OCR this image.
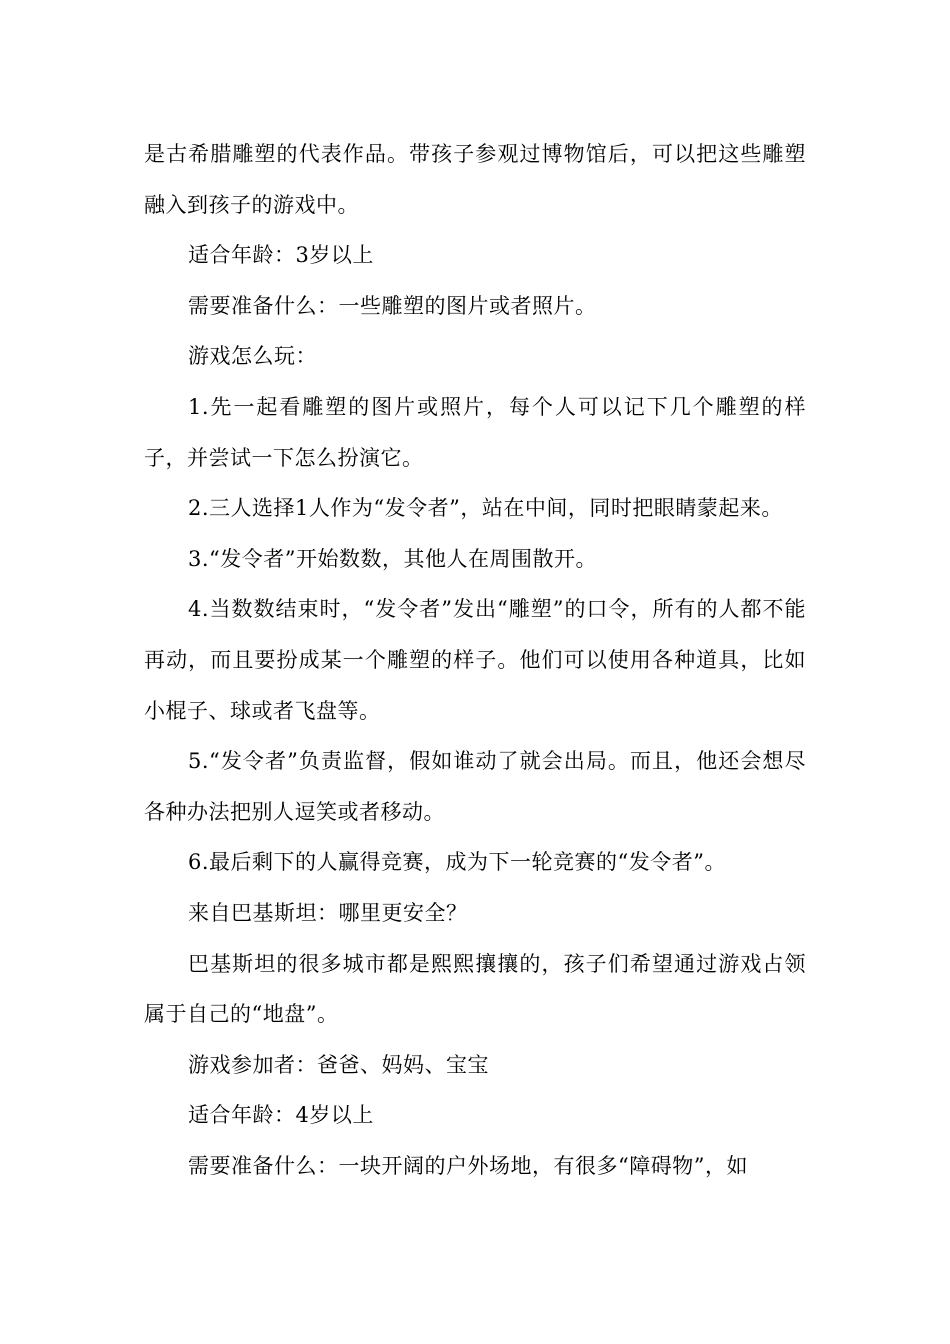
是古希腊雕塑的代表作品。带孩子参观过博物馆后，可以把这些雕塑融入到孩子的游戏中。

适合年龄：3岁以上

需要准备什么：一些雕塑的图片或者照片。

游戏怎么玩：

1.先一起看雕塑的图片或照片，每个人可以记下几个雕塑的样子，并尝试一下怎么扮演它。

2.三人选择1人作为“发令者”，站在中间，同时把眼睛蒙起来。

3.“发令者”开始数数，其他人在周围散开。

4.当数数结束时，“发令者”发出“雕塑”的口令，所有的人都不能再动，而且要扮成某一个雕塑的样子。他们可以使用各种道具，比如小棍子、球或者飞盘等。

5.“发令者”负责监督，假如谁动了就会出局。而且，他还会想尽各种办法把别人逗笑或者移动。

6.最后剩下的人赢得竞赛，成为下一轮竞赛的“发令者”。

来自巴基斯坦：哪里更安全？

巴基斯坦的很多城市都是熙熙攘攘的，孩子们希望通过游戏占领属于自己的“地盘”。

游戏参加者：爸爸、妈妈、宝宝

适合年龄：4岁以上

需要准备什么：一块开阔的户外场地，有很多“障碍物”，如
